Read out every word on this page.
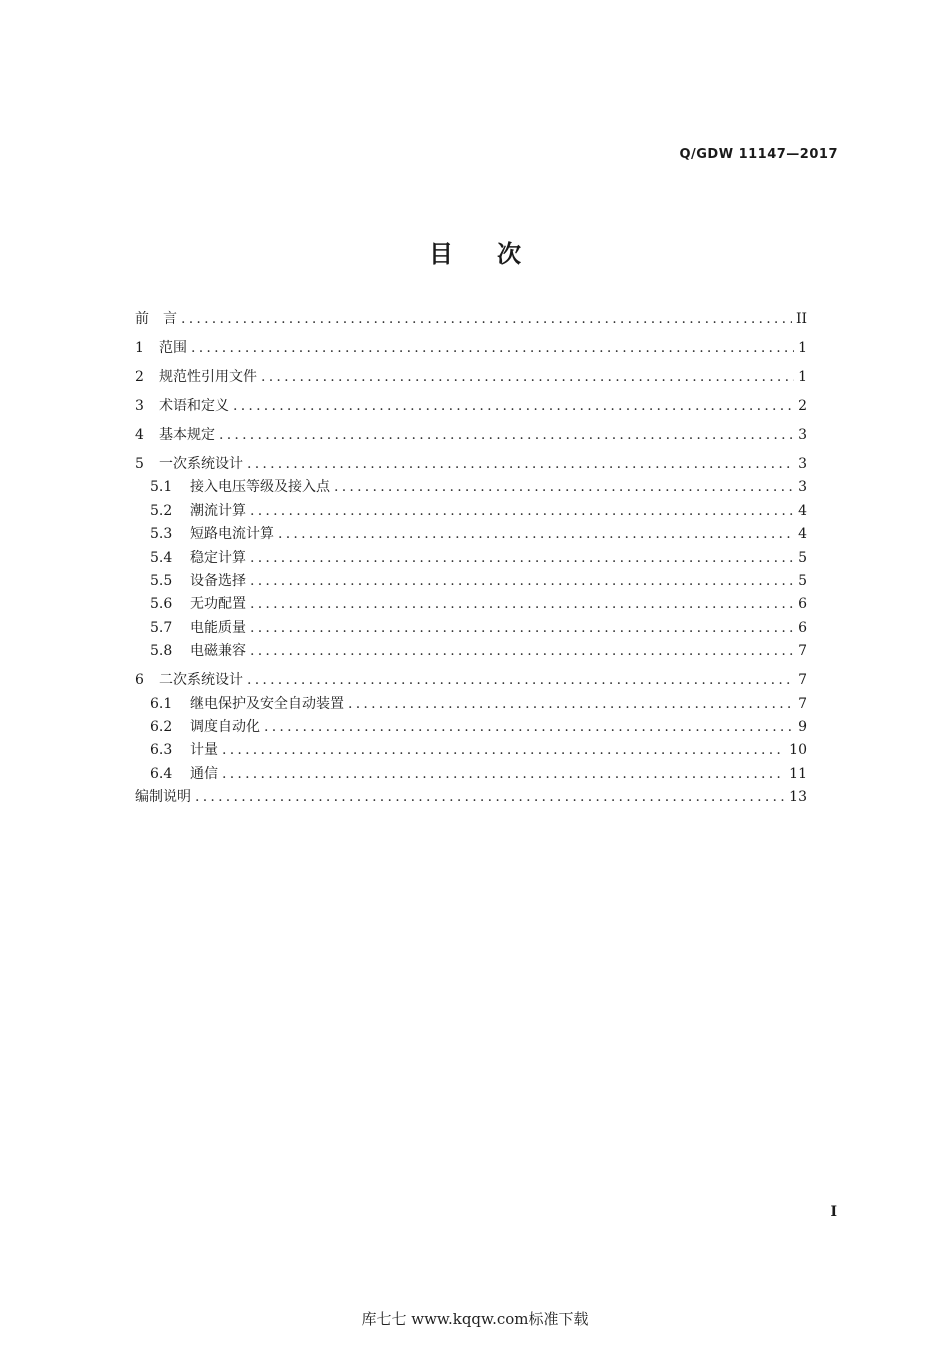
Q/GDW 11147—2017
目次
前　言 . . .	II
1	范围 . . .	1
2	规范性引用文件 . . .	1
3	术语和定义 . . .	2
4	基本规定 . . .	3
5	一次系统设计 . . .	3
5.1	接入电压等级及接入点 . . .	3
5.2	潮流计算 . . .	4
5.3	短路电流计算 . . .	4
5.4	稳定计算 . . .	5
5.5	设备选择 . . .	5
5.6	无功配置 . . .	6
5.7	电能质量 . . .	6
5.8	电磁兼容 . . .	7
6	二次系统设计 . . .	7
6.1	继电保护及安全自动装置 . . .	7
6.2	调度自动化 . . .	9
6.3	计量 . . .	10
6.4	通信 . . .	11
编制说明 . . .	13
I
库七七 www.kqqw.com标准下载
